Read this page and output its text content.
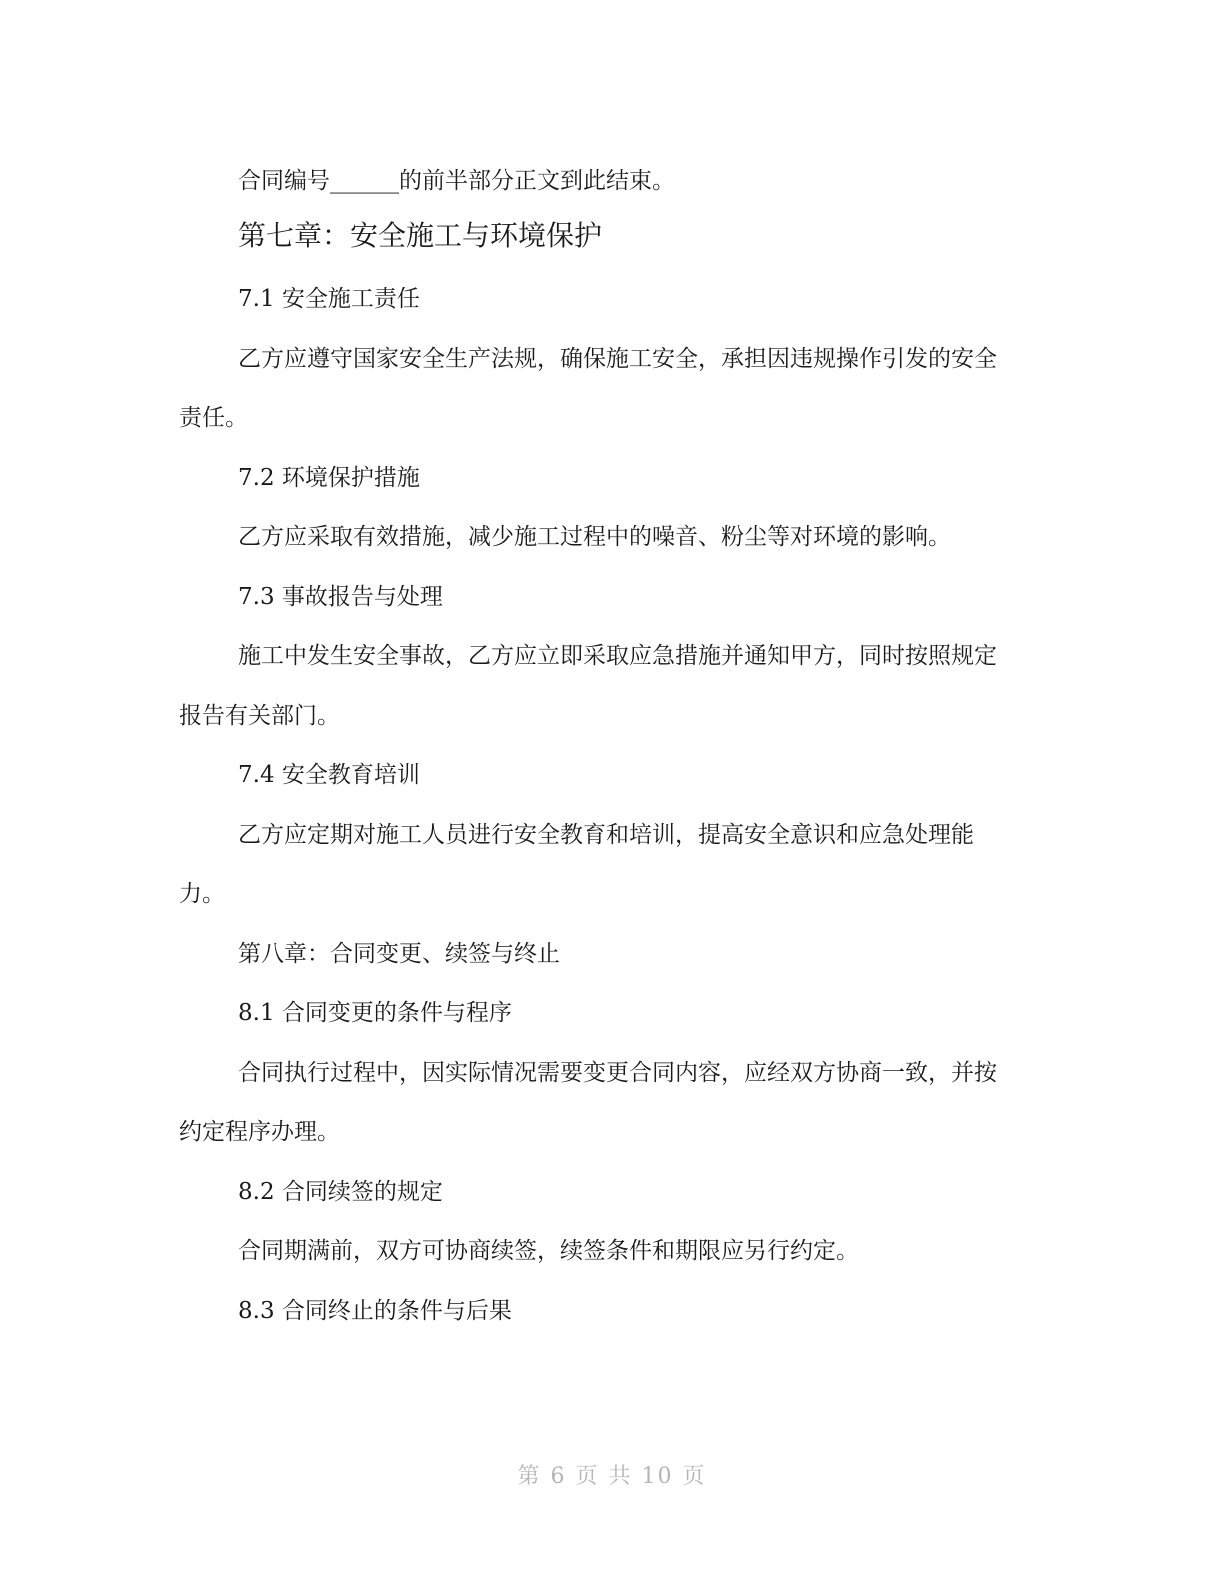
合同编号______的前半部分正文到此结束。
第七章：安全施工与环境保护
7.1 安全施工责任
乙方应遵守国家安全生产法规，确保施工安全，承担因违规操作引发的安全
责任。
7.2 环境保护措施
乙方应采取有效措施，减少施工过程中的噪音、粉尘等对环境的影响。
7.3 事故报告与处理
施工中发生安全事故，乙方应立即采取应急措施并通知甲方，同时按照规定
报告有关部门。
7.4 安全教育培训
乙方应定期对施工人员进行安全教育和培训，提高安全意识和应急处理能
力。
第八章：合同变更、续签与终止
8.1 合同变更的条件与程序
合同执行过程中，因实际情况需要变更合同内容，应经双方协商一致，并按
约定程序办理。
8.2 合同续签的规定
合同期满前，双方可协商续签，续签条件和期限应另行约定。
8.3 合同终止的条件与后果
第 6 页 共 10 页
